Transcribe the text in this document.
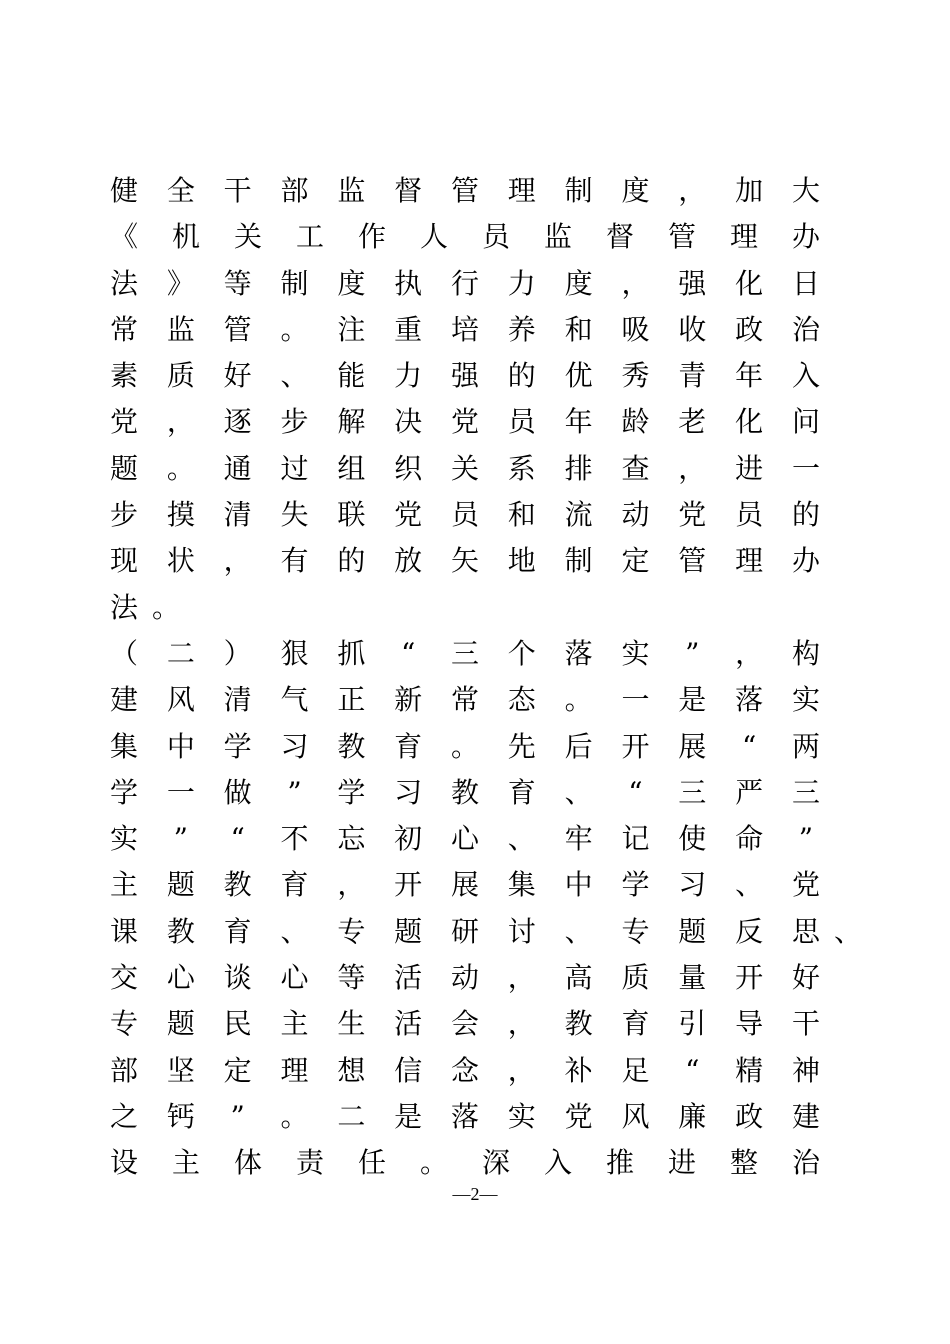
健 全 干 部 监 督 管 理 制 度 ， 加 大
《 机 关 工 作 人 员 监 督 管 理 办
法 》 等 制 度 执 行 力 度 ， 强 化 日
常 监 管 。 注 重 培 养 和 吸 收 政 治
素 质 好 、 能 力 强 的 优 秀 青 年 入
党 ， 逐 步 解 决 党 员 年 龄 老 化 问
题 。 通 过 组 织 关 系 排 查 ， 进 一
步 摸 清 失 联 党 员 和 流 动 党 员 的
现 状 ， 有 的 放 矢 地 制 定 管 理 办
法 。
（ 二 ） 狠 抓 “ 三 个 落 实 ” ， 构
建 风 清 气 正 新 常 态 。 一 是 落 实
集 中 学 习 教 育 。 先 后 开 展 “ 两
学 一 做 ” 学 习 教 育 、 “ 三 严 三
实 ” “ 不 忘 初 心 、 牢 记 使 命 ”
主 题 教 育 ， 开 展 集 中 学 习 、 党
课 教 育 、 专 题 研 讨 、 专 题 反 思 、
交 心 谈 心 等 活 动 ， 高 质 量 开 好
专 题 民 主 生 活 会 ， 教 育 引 导 干
部 坚 定 理 想 信 念 ， 补 足 “ 精 神
之 钙 ” 。 二 是 落 实 党 风 廉 政 建
设 主 体 责 任 。 深 入 推 进 整 治
—2—
